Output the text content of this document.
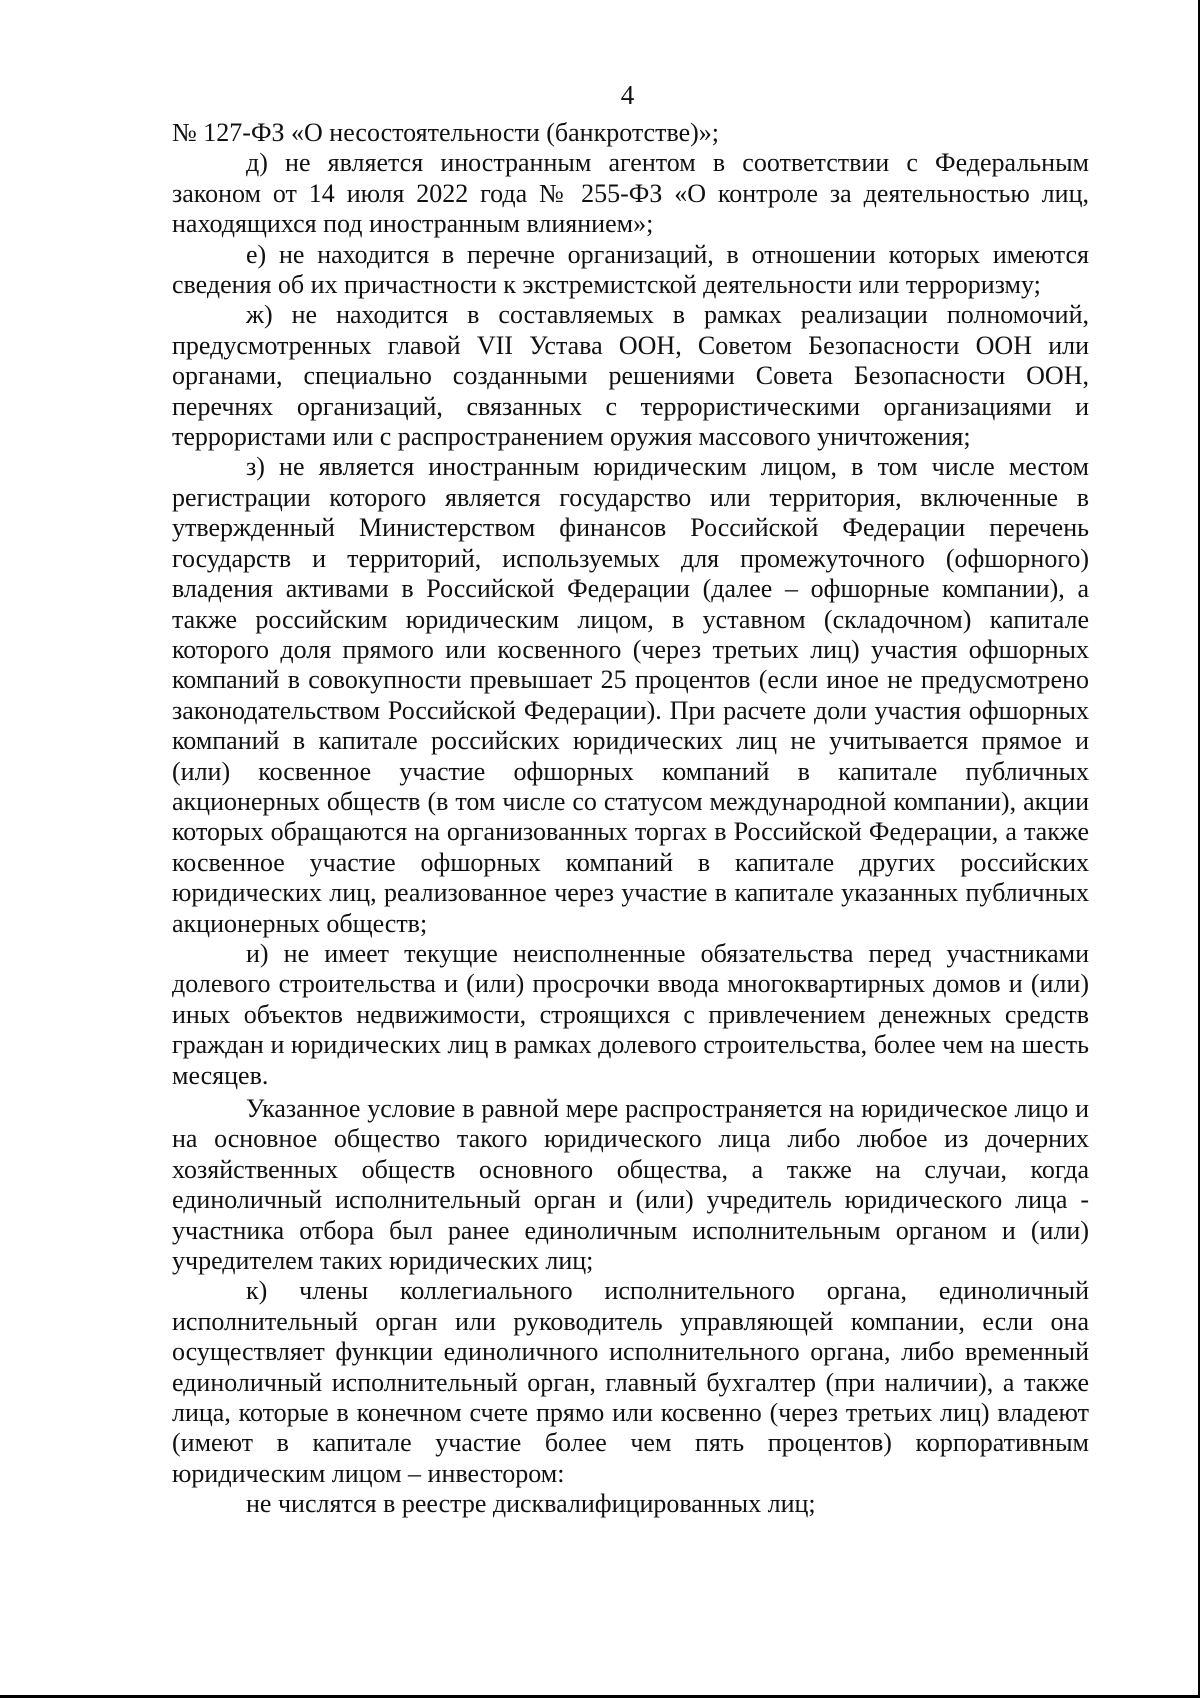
4

№ 127-ФЗ «О несостоятельности (банкротстве)»;

д) не является иностранным агентом в соответствии с Федеральным законом от 14 июля 2022 года № 255-ФЗ «О контроле за деятельностью лиц, находящихся под иностранным влиянием»;

е) не находится в перечне организаций, в отношении которых имеются сведения об их причастности к экстремистской деятельности или терроризму;

ж) не находится в составляемых в рамках реализации полномочий, предусмотренных главой VII Устава ООН, Советом Безопасности ООН или органами, специально созданными решениями Совета Безопасности ООН, перечнях организаций, связанных с террористическими организациями и террористами или с распространением оружия массового уничтожения;

з) не является иностранным юридическим лицом, в том числе местом регистрации которого является государство или территория, включенные в утвержденный Министерством финансов Российской Федерации перечень государств и территорий, используемых для промежуточного (офшорного) владения активами в Российской Федерации (далее – офшорные компании), а также российским юридическим лицом, в уставном (складочном) капитале которого доля прямого или косвенного (через третьих лиц) участия офшорных компаний в совокупности превышает 25 процентов (если иное не предусмотрено законодательством Российской Федерации). При расчете доли участия офшорных компаний в капитале российских юридических лиц не учитывается прямое и (или) косвенное участие офшорных компаний в капитале публичных акционерных обществ (в том числе со статусом международной компании), акции которых обращаются на организованных торгах в Российской Федерации, а также косвенное участие офшорных компаний в капитале других российских юридических лиц, реализованное через участие в капитале указанных публичных акционерных обществ;

и) не имеет текущие неисполненные обязательства перед участниками долевого строительства и (или) просрочки ввода многоквартирных домов и (или) иных объектов недвижимости, строящихся с привлечением денежных средств граждан и юридических лиц в рамках долевого строительства, более чем на шесть месяцев.

Указанное условие в равной мере распространяется на юридическое лицо и на основное общество такого юридического лица либо любое из дочерних хозяйственных обществ основного общества, а также на случаи, когда единоличный исполнительный орган и (или) учредитель юридического лица - участника отбора был ранее единоличным исполнительным органом и (или) учредителем таких юридических лиц;

к) члены коллегиального исполнительного органа, единоличный исполнительный орган или руководитель управляющей компании, если она осуществляет функции единоличного исполнительного органа, либо временный единоличный исполнительный орган, главный бухгалтер (при наличии), а также лица, которые в конечном счете прямо или косвенно (через третьих лиц) владеют (имеют в капитале участие более чем пять процентов) корпоративным юридическим лицом – инвестором:

не числятся в реестре дисквалифицированных лиц;
